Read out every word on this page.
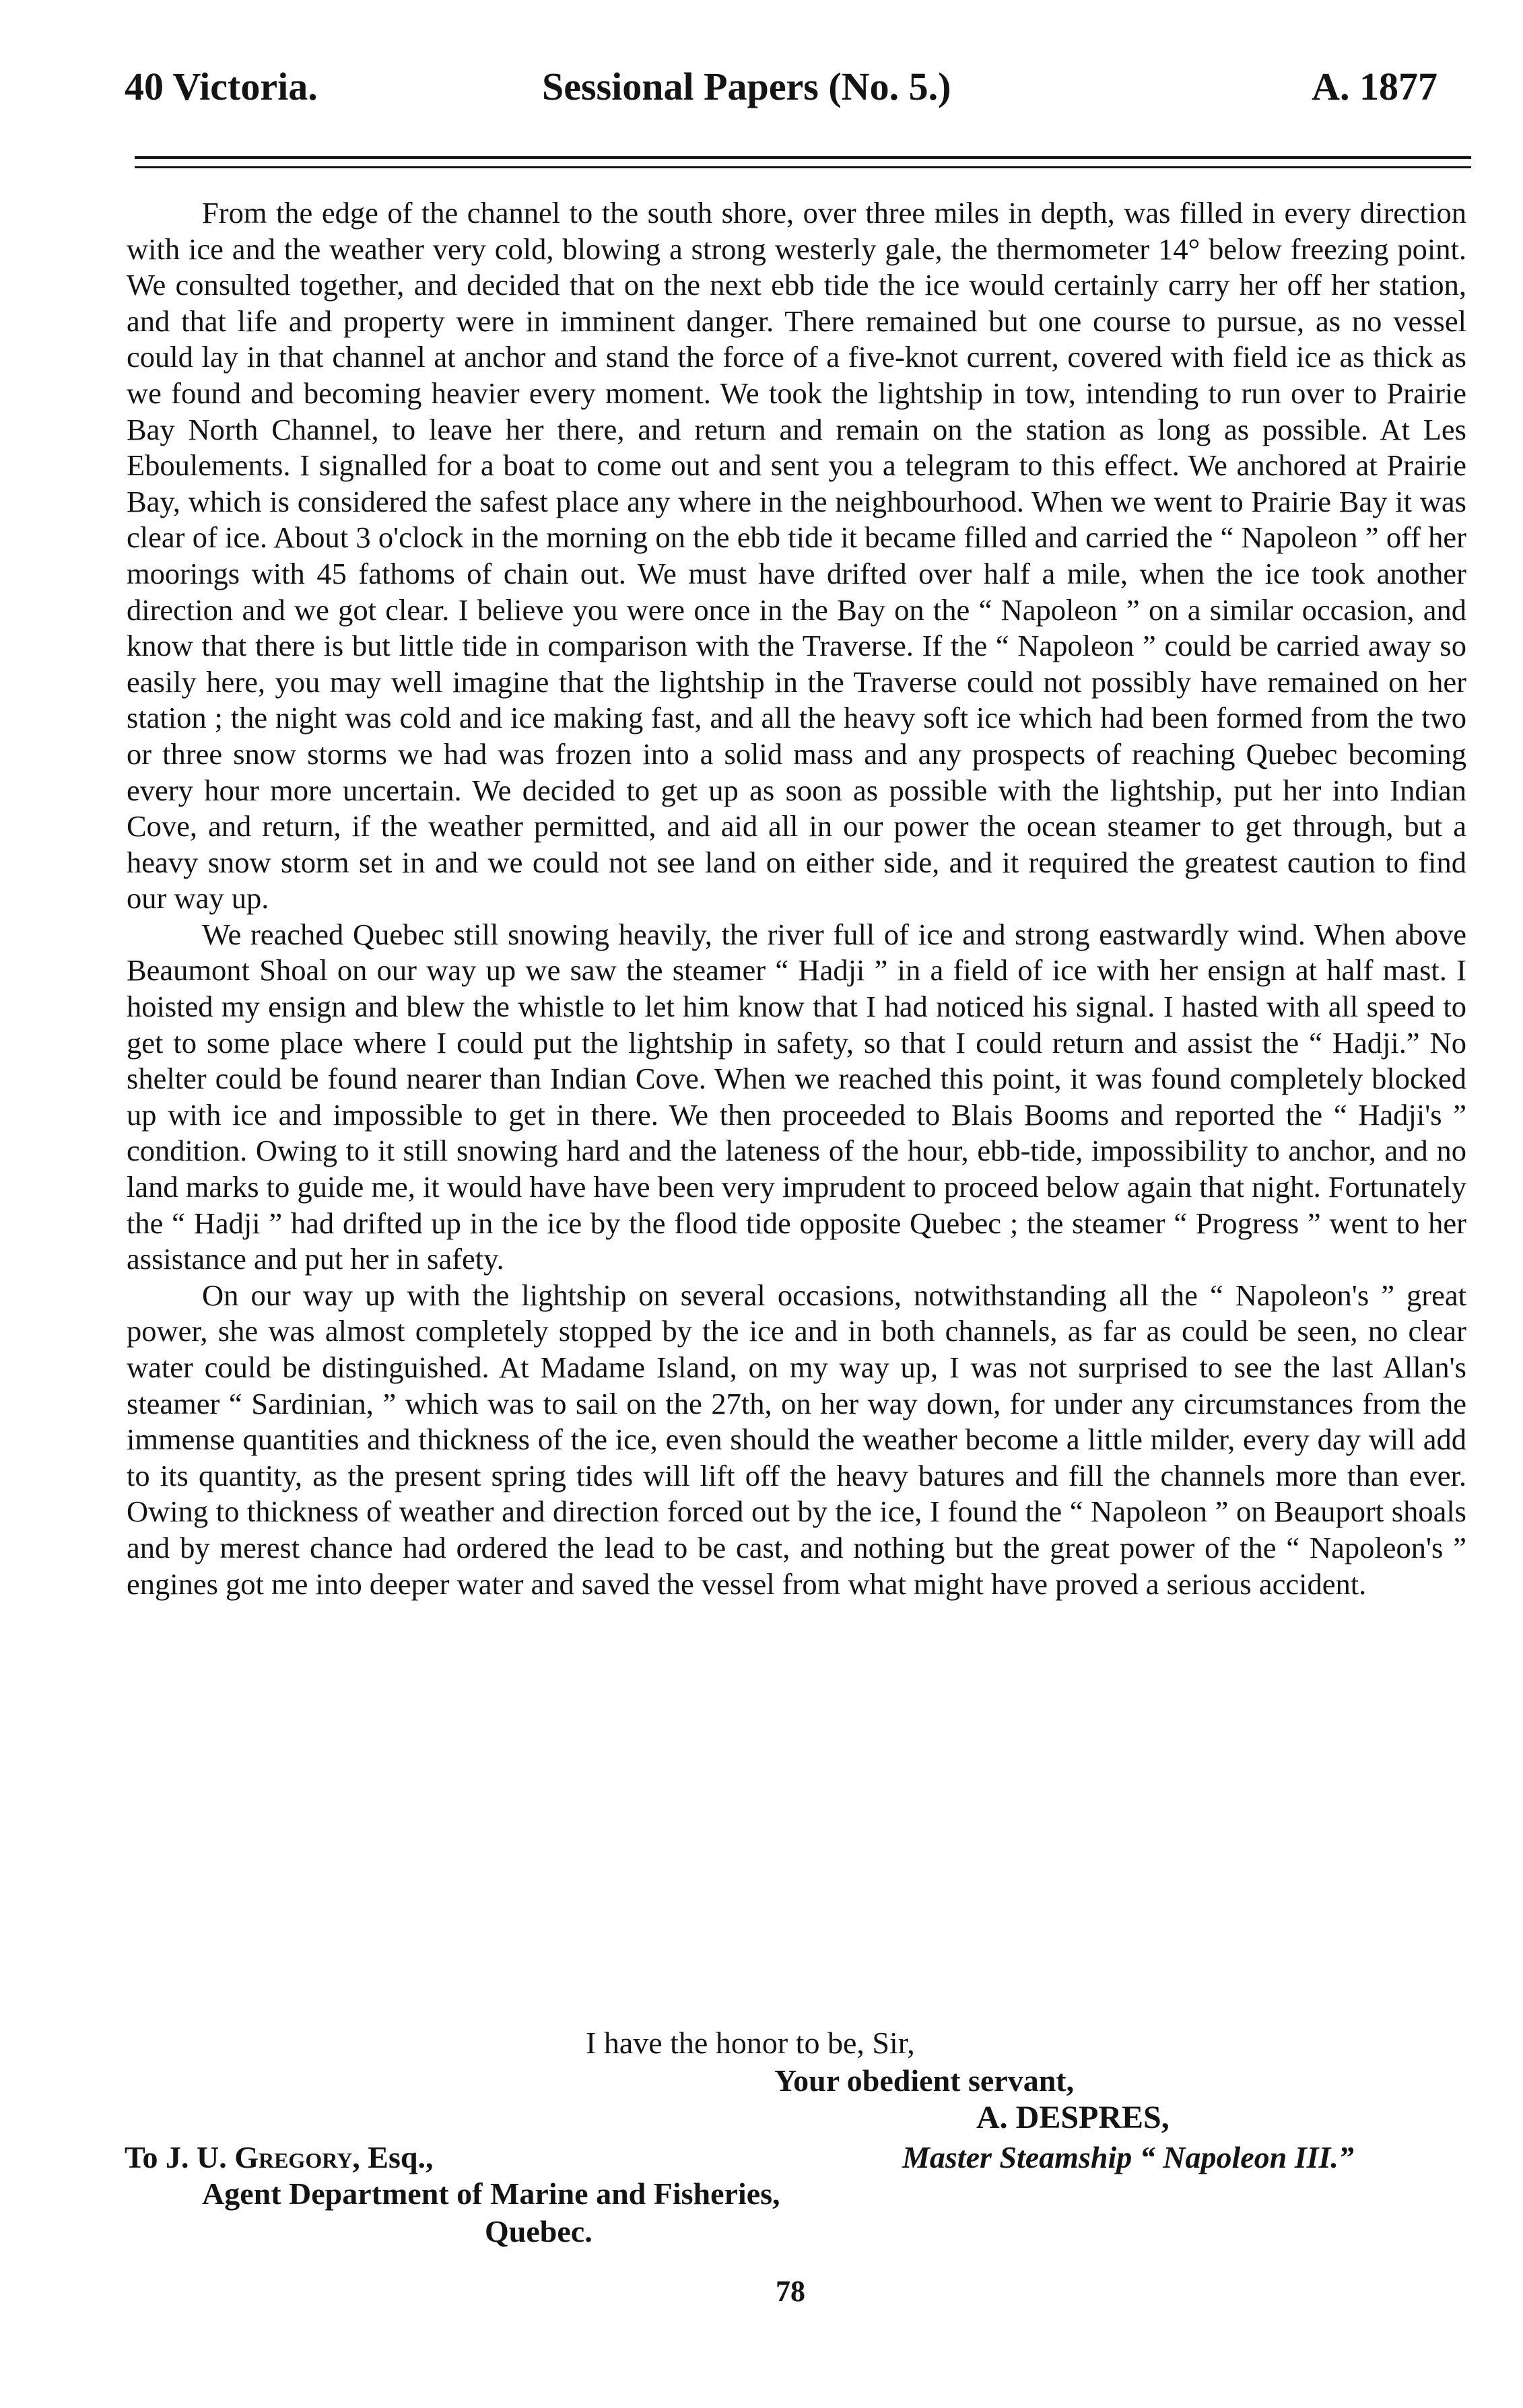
40 Victoria.	Sessional Papers (No. 5.)	A. 1877

From the edge of the channel to the south shore, over three miles in depth, was filled in every direction with ice and the weather very cold, blowing a strong westerly gale, the thermometer 14° below freezing point. We consulted together, and decided that on the next ebb tide the ice would certainly carry her off her station, and that life and property were in imminent danger. There remained but one course to pursue, as no vessel could lay in that channel at anchor and stand the force of a five-knot current, covered with field ice as thick as we found and becoming heavier every moment. We took the lightship in tow, intending to run over to Prairie Bay North Channel, to leave her there, and return and remain on the station as long as possible. At Les Eboulements. I signalled for a boat to come out and sent you a telegram to this effect. We anchored at Prairie Bay, which is considered the safest place any where in the neighbourhood. When we went to Prairie Bay it was clear of ice. About 3 o'clock in the morning on the ebb tide it became filled and carried the “ Napoleon ” off her moorings with 45 fathoms of chain out. We must have drifted over half a mile, when the ice took another direction and we got clear. I believe you were once in the Bay on the “ Napoleon ” on a similar occasion, and know that there is but little tide in comparison with the Traverse. If the “ Napoleon ” could be carried away so easily here, you may well imagine that the lightship in the Traverse could not possibly have remained on her station ; the night was cold and ice making fast, and all the heavy soft ice which had been formed from the two or three snow storms we had was frozen into a solid mass and any prospects of reaching Quebec becoming every hour more uncertain. We decided to get up as soon as possible with the lightship, put her into Indian Cove, and return, if the weather permitted, and aid all in our power the ocean steamer to get through, but a heavy snow storm set in and we could not see land on either side, and it required the greatest caution to find our way up.

We reached Quebec still snowing heavily, the river full of ice and strong eastwardly wind. When above Beaumont Shoal on our way up we saw the steamer “ Hadji ” in a field of ice with her ensign at half mast. I hoisted my ensign and blew the whistle to let him know that I had noticed his signal. I hasted with all speed to get to some place where I could put the lightship in safety, so that I could return and assist the “ Hadji.” No shelter could be found nearer than Indian Cove. When we reached this point, it was found completely blocked up with ice and impossible to get in there. We then proceeded to Blais Booms and reported the “ Hadji's ” condition. Owing to it still snowing hard and the lateness of the hour, ebb-tide, impossibility to anchor, and no land marks to guide me, it would have have been very imprudent to proceed below again that night. Fortunately the “ Hadji ” had drifted up in the ice by the flood tide opposite Quebec ; the steamer “ Progress ” went to her assistance and put her in safety.

On our way up with the lightship on several occasions, notwithstanding all the “ Napoleon's ” great power, she was almost completely stopped by the ice and in both channels, as far as could be seen, no clear water could be distinguished. At Madame Island, on my way up, I was not surprised to see the last Allan's steamer “ Sardinian, ” which was to sail on the 27th, on her way down, for under any circumstances from the immense quantities and thickness of the ice, even should the weather become a little milder, every day will add to its quantity, as the present spring tides will lift off the heavy batures and fill the channels more than ever. Owing to thickness of weather and direction forced out by the ice, I found the “ Napoleon ” on Beauport shoals and by merest chance had ordered the lead to be cast, and nothing but the great power of the “ Napoleon's ” engines got me into deeper water and saved the vessel from what might have proved a serious accident.

I have the honor to be, Sir,
Your obedient servant,
A. DESPRES,
To J. U. Gregory, Esq.,	Master Steamship “ Napoleon III.”
Agent Department of Marine and Fisheries,
Quebec.
78
